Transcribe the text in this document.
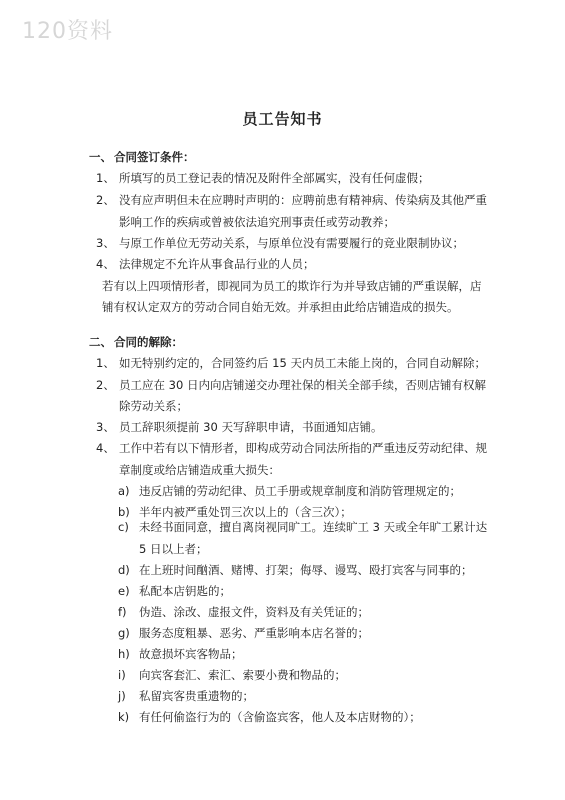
120资料
员工告知书
一、 合同签订条件：
1、 所填写的员工登记表的情况及附件全部属实，没有任何虚假；
2、 没有应声明但未在应聘时声明的：应聘前患有精神病、传染病及其他严重
影响工作的疾病或曾被依法追究刑事责任或劳动教养；
3、 与原工作单位无劳动关系，与原单位没有需要履行的竞业限制协议；
4、 法律规定不允许从事食品行业的人员；
若有以上四项情形者，即视同为员工的欺诈行为并导致店铺的严重误解，店
铺有权认定双方的劳动合同自始无效。并承担由此给店铺造成的损失。
二、 合同的解除：
1、 如无特别约定的，合同签约后 15 天内员工未能上岗的，合同自动解除；
2、 员工应在 30 日内向店铺递交办理社保的相关全部手续，否则店铺有权解
除劳动关系；
3、 员工辞职须提前 30 天写辞职申请，书面通知店铺。
4、 工作中若有以下情形者，即构成劳动合同法所指的严重违反劳动纪律、规
章制度或给店铺造成重大损失：
a) 违反店铺的劳动纪律、员工手册或规章制度和消防管理规定的；
b) 半年内被严重处罚三次以上的（含三次）；
c) 未经书面同意，擅自离岗视同旷工。连续旷工 3 天或全年旷工累计达
5 日以上者；
d) 在上班时间酗酒、赌博、打架；侮辱、谩骂、殴打宾客与同事的；
e) 私配本店钥匙的；
f) 伪造、涂改、虚报文件，资料及有关凭证的；
g) 服务态度粗暴、恶劣、严重影响本店名誉的；
h) 故意损坏宾客物品；
i) 向宾客套汇、索汇、索要小费和物品的；
j) 私留宾客贵重遗物的；
k) 有任何偷盗行为的（含偷盗宾客，他人及本店财物的）；
